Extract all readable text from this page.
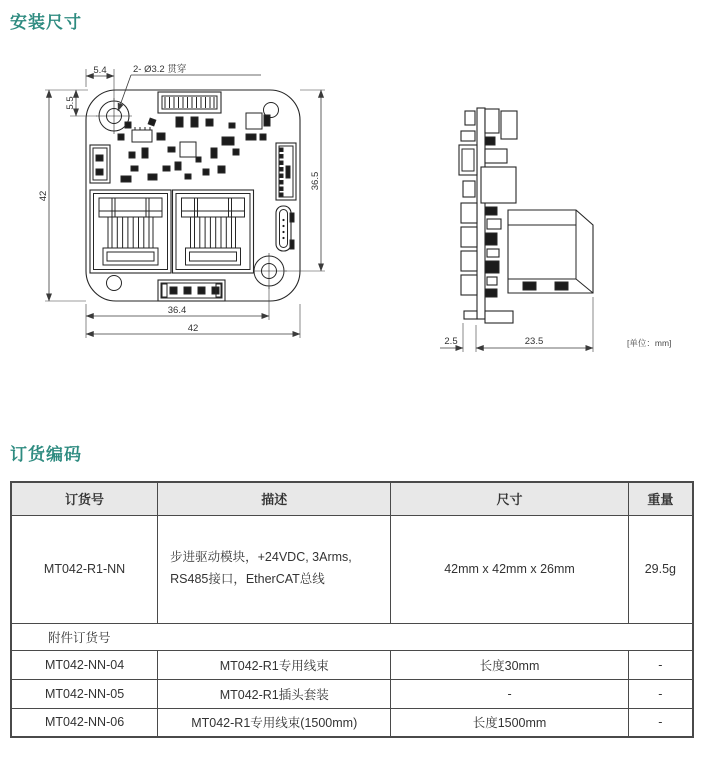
安装尺寸
5.4	2- Ø3.2 贯穿
5.5
42
36.5
36.4
42
2.5	23.5	[单位：mm]
订货编码
订货号	描述	尺寸	重量
MT042-R1-NN	步进驱动模块，+24VDC, 3Arms,
RS485接口，EtherCAT总线	42mm x 42mm x 26mm	29.5g
附件订货号			
MT042-NN-04	MT042-R1专用线束	长度30mm	-
MT042-NN-05	MT042-R1插头套装	-	-
MT042-NN-06	MT042-R1专用线束(1500mm)	长度1500mm	-
